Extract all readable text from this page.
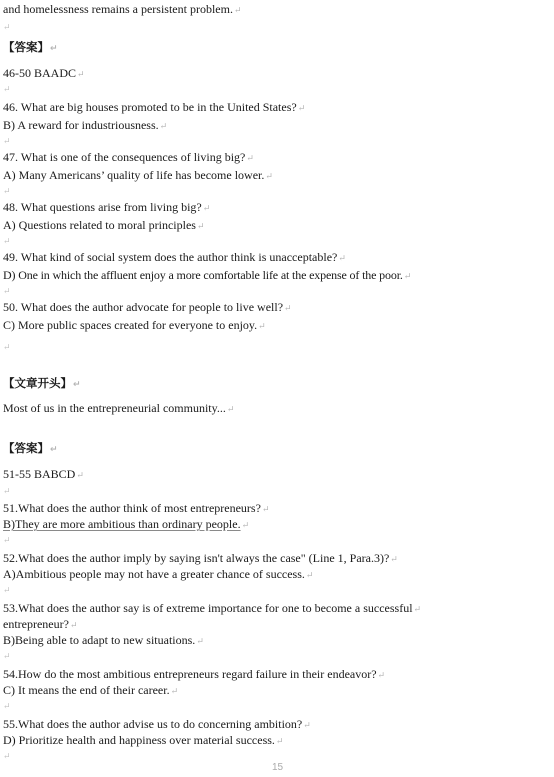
and homelessness remains a persistent problem.↵
↵
【答案】↵
46-50 BAADC↵
↵
46. What are big houses promoted to be in the United States?↵
B) A reward for industriousness.↵
↵
47. What is one of the consequences of living big?↵
A) Many Americans’ quality of life has become lower.↵
↵
48. What questions arise from living big?↵
A) Questions related to moral principles↵
↵
49. What kind of social system does the author think is unacceptable?↵
D) One in which the affluent enjoy a more comfortable life at the expense of the poor.↵
↵
50. What does the author advocate for people to live well?↵
C) More public spaces created for everyone to enjoy.↵
↵
【文章开头】↵
Most of us in the entrepreneurial community...↵
【答案】↵
51-55 BABCD↵
↵
51.What does the author think of most entrepreneurs?↵
B)They are more ambitious than ordinary people.↵
↵
52.What does the author imply by saying isn't always the case" (Line 1, Para.3)?↵
A)Ambitious people may not have a greater chance of success.↵
↵
53.What does the author say is of extreme importance for one to become a successful↵
entrepreneur?↵
B)Being able to adapt to new situations.↵
↵
54.How do the most ambitious entrepreneurs regard failure in their endeavor?↵
C) It means the end of their career.↵
↵
55.What does the author advise us to do concerning ambition?↵
D) Prioritize health and happiness over material success.↵
↵
15
